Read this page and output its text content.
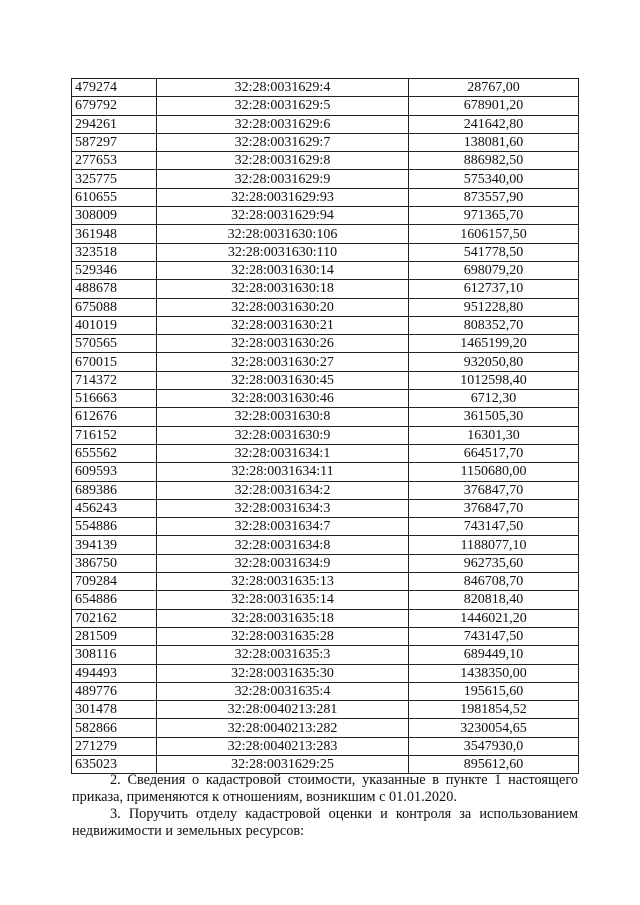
479274	32:28:0031629:4	28767,00
679792	32:28:0031629:5	678901,20
294261	32:28:0031629:6	241642,80
587297	32:28:0031629:7	138081,60
277653	32:28:0031629:8	886982,50
325775	32:28:0031629:9	575340,00
610655	32:28:0031629:93	873557,90
308009	32:28:0031629:94	971365,70
361948	32:28:0031630:106	1606157,50
323518	32:28:0031630:110	541778,50
529346	32:28:0031630:14	698079,20
488678	32:28:0031630:18	612737,10
675088	32:28:0031630:20	951228,80
401019	32:28:0031630:21	808352,70
570565	32:28:0031630:26	1465199,20
670015	32:28:0031630:27	932050,80
714372	32:28:0031630:45	1012598,40
516663	32:28:0031630:46	6712,30
612676	32:28:0031630:8	361505,30
716152	32:28:0031630:9	16301,30
655562	32:28:0031634:1	664517,70
609593	32:28:0031634:11	1150680,00
689386	32:28:0031634:2	376847,70
456243	32:28:0031634:3	376847,70
554886	32:28:0031634:7	743147,50
394139	32:28:0031634:8	1188077,10
386750	32:28:0031634:9	962735,60
709284	32:28:0031635:13	846708,70
654886	32:28:0031635:14	820818,40
702162	32:28:0031635:18	1446021,20
281509	32:28:0031635:28	743147,50
308116	32:28:0031635:3	689449,10
494493	32:28:0031635:30	1438350,00
489776	32:28:0031635:4	195615,60
301478	32:28:0040213:281	1981854,52
582866	32:28:0040213:282	3230054,65
271279	32:28:0040213:283	3547930,0
635023	32:28:0031629:25	895612,60

2. Сведения о кадастровой стоимости, указанные в пункте 1 настоящего приказа, применяются к отношениям, возникшим с 01.01.2020.

3. Поручить отделу кадастровой оценки и контроля за использованием недвижимости и земельных ресурсов:
